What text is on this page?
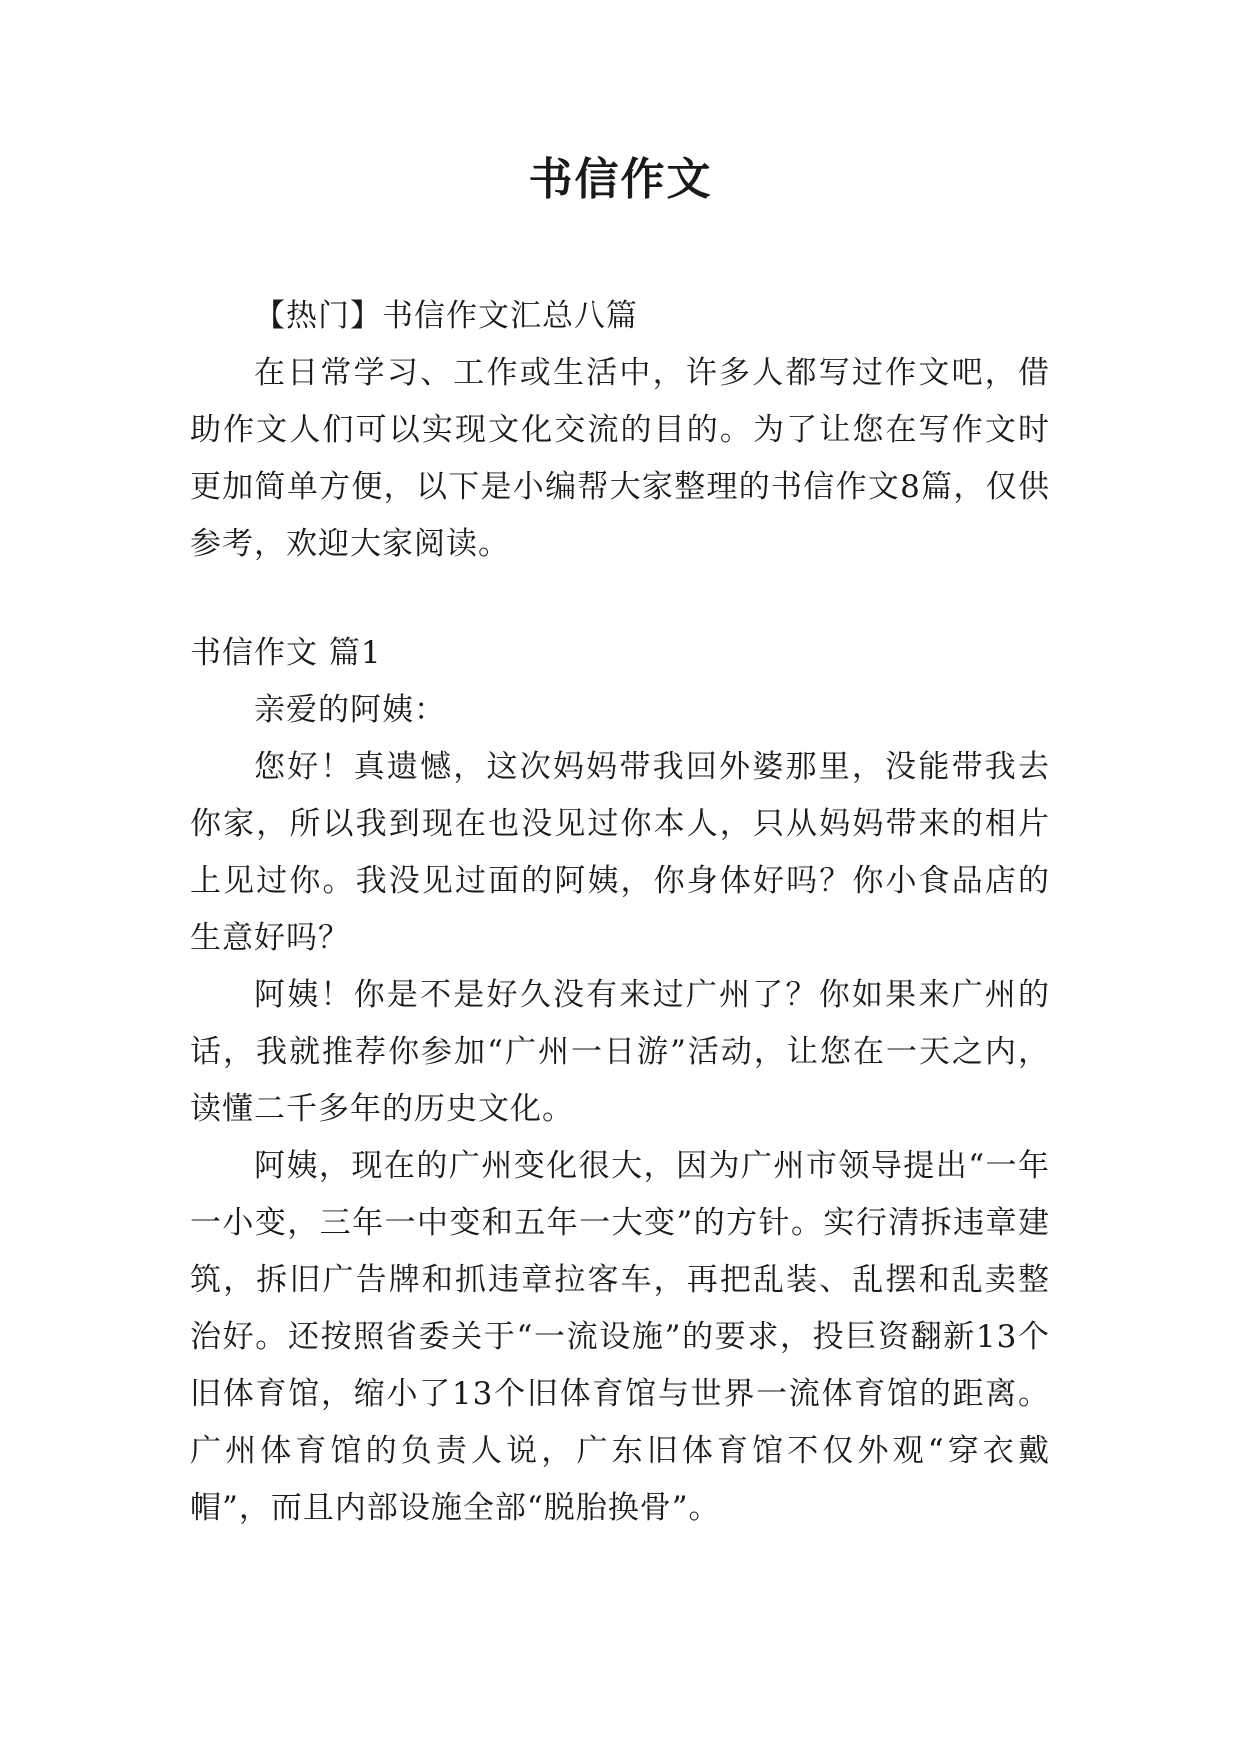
书信作文

【热门】书信作文汇总八篇

在日常学习、工作或生活中，许多人都写过作文吧，借助作文人们可以实现文化交流的目的。为了让您在写作文时更加简单方便，以下是小编帮大家整理的书信作文8篇，仅供参考，欢迎大家阅读。

书信作文 篇1

亲爱的阿姨：

您好！真遗憾，这次妈妈带我回外婆那里，没能带我去你家，所以我到现在也没见过你本人，只从妈妈带来的相片上见过你。我没见过面的阿姨，你身体好吗？你小食品店的生意好吗？

阿姨！你是不是好久没有来过广州了？你如果来广州的话，我就推荐你参加“广州一日游”活动，让您在一天之内，读懂二千多年的历史文化。

阿姨，现在的广州变化很大，因为广州市领导提出“一年一小变，三年一中变和五年一大变”的方针。实行清拆违章建筑，拆旧广告牌和抓违章拉客车，再把乱装、乱摆和乱卖整治好。还按照省委关于“一流设施”的要求，投巨资翻新13个旧体育馆，缩小了13个旧体育馆与世界一流体育馆的距离。广州体育馆的负责人说，广东旧体育馆不仅外观“穿衣戴帽”，而且内部设施全部“脱胎换骨”。
